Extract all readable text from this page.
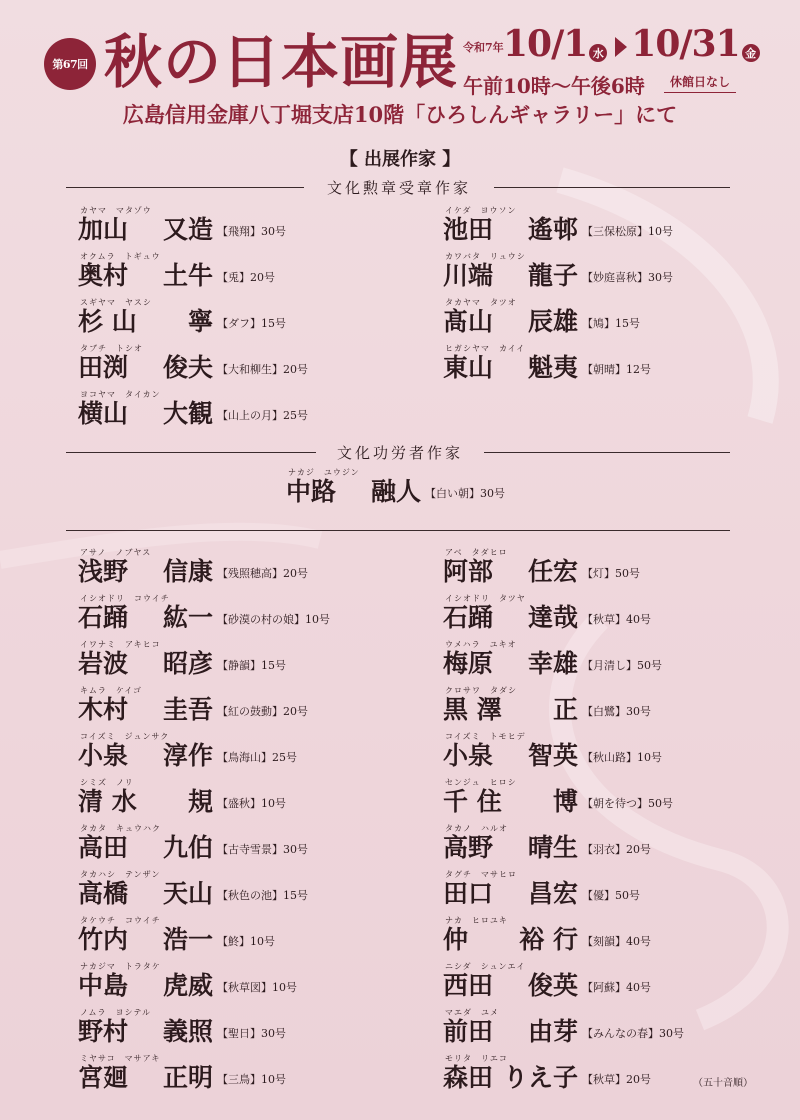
第67回 秋の日本画展 令和7年 10/1 水 10/31 金
午前10時～午後6時	休館日なし
広島信用金庫八丁堀支店10階「ひろしんギャラリー」にて
【 出展作家 】
文化勲章受章作家
カヤマ　マタゾウ
加山 又造 【飛翔】30号
オクムラ　トギュウ
奥村 土牛 【兎】20号
スギヤマ　ヤスシ
杉 山 寧 【ダフ】15号
タブチ　トシオ
田渕 俊夫 【大和柳生】20号
ヨコヤマ　タイカン
横山 大観 【山上の月】25号
イケダ　ヨウソン
池田 遙邨 【三保松原】10号
カワバタ　リュウシ
川端 龍子 【妙庭喜秋】30号
タカヤマ　タツオ
髙山 辰雄 【鳩】15号
ヒガシヤマ　カイイ
東山 魁夷 【朝晴】12号
文化功労者作家
ナカジ　ユウジン
中路 融人 【白い朝】30号
アサノ　ノブヤス
浅野 信康 【残照穂高】20号
イシオドリ　コウイチ
石踊 紘一 【砂漠の村の娘】10号
イワナミ　アキヒコ
岩波 昭彦 【静韻】15号
キムラ　ケイゴ
木村 圭吾 【紅の鼓動】20号
コイズミ　ジュンサク
小泉 淳作 【鳥海山】25号
シミズ　ノリ
清 水 規 【盛秋】10号
タカタ　キュウハク
高田 九伯 【古寺雪景】30号
タカハシ　テンザン
高橋 天山 【秋色の池】15号
タケウチ　コウイチ
竹内 浩一 【鮗】10号
ナカジマ　トラタケ
中島 虎威 【秋草図】10号
ノムラ　ヨシテル
野村 義照 【聖日】30号
ミヤサコ　マサアキ
宮廻 正明 【三鳥】10号
アベ　タダヒロ
阿部 任宏 【灯】50号
イシオドリ　タツヤ
石踊 達哉 【秋草】40号
ウメハラ　ユキオ
梅原 幸雄 【月清し】50号
クロサワ　タダシ
黒 澤 正 【白鷺】30号
コイズミ　トモヒデ
小泉 智英 【秋山路】10号
センジュ　ヒロシ
千 住 博 【朝を待つ】50号
タカノ　ハルオ
高野 晴生 【羽衣】20号
タグチ　マサヒロ
田口 昌宏 【優】50号
ナカ　ヒロユキ
仲 裕 行 【刻韻】40号
ニシダ　シュンエイ
西田 俊英 【阿蘇】40号
マエダ　ユメ
前田 由芽 【みんなの春】30号
モリタ　リエコ
森田 りえ子 【秋草】20号	（五十音順）
